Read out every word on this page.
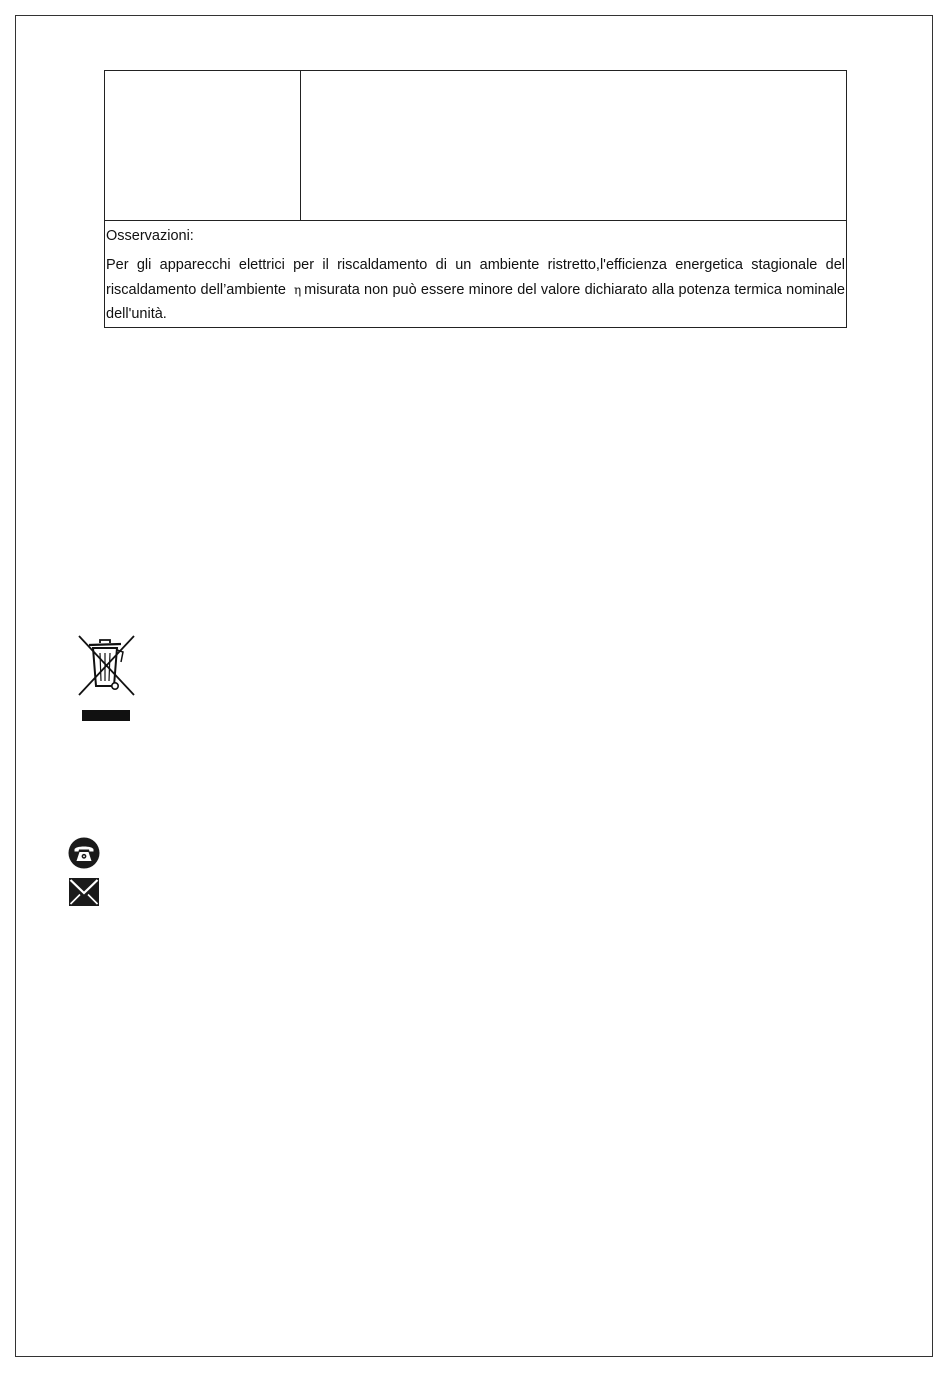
Osservazioni:
Per gli apparecchi elettrici per il riscaldamento di un ambiente ristretto,l'efficienza energetica stagionale del riscaldamento dell’ambiente η misurata non può essere minore del valore dichiarato alla potenza termica nominale dell'unità.
